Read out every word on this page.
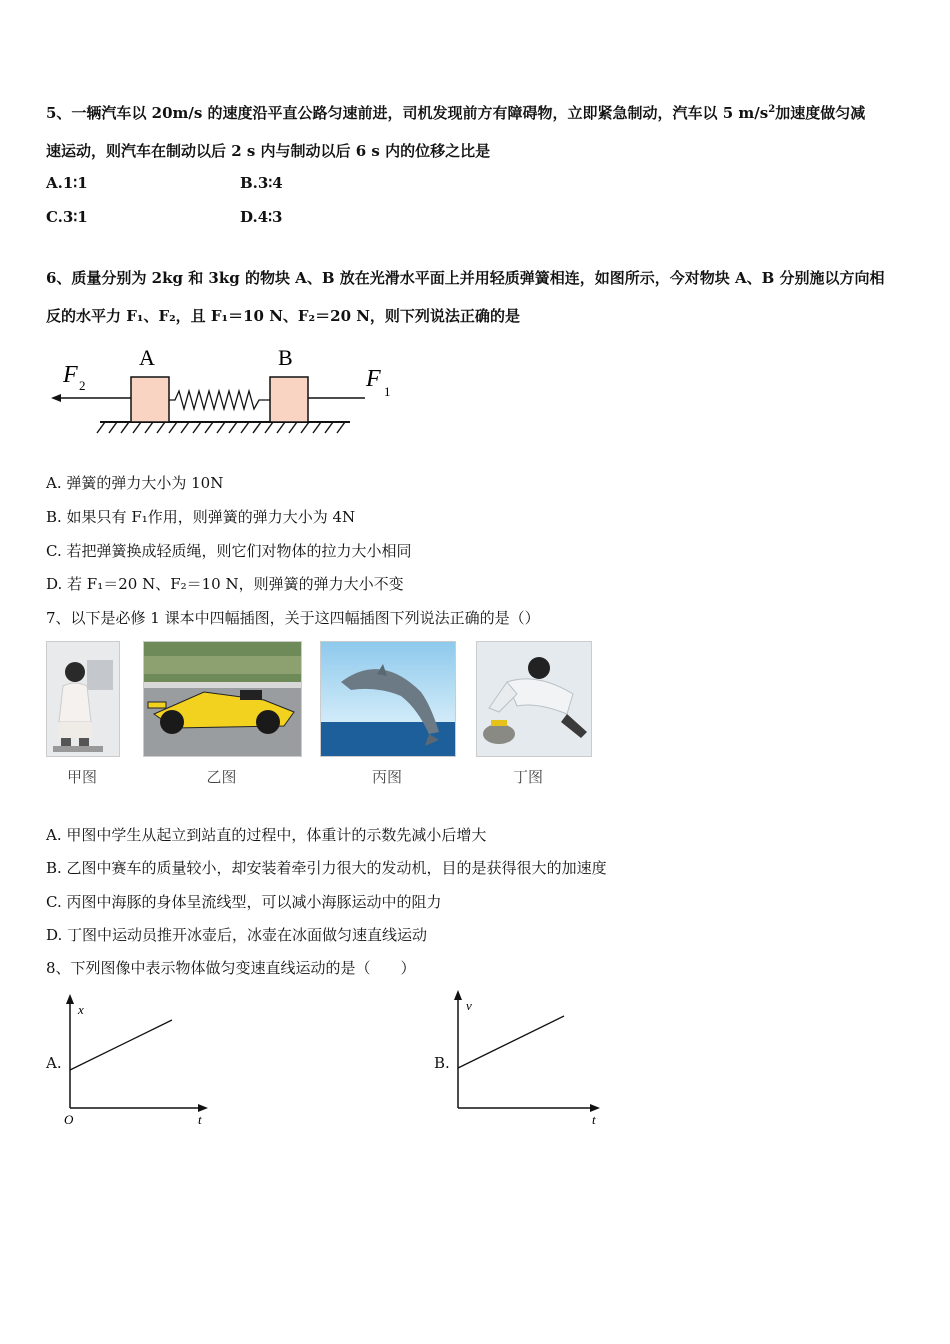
5、一辆汽车以 20m/s 的速度沿平直公路匀速前进，司机发现前方有障碍物，立即紧急制动，汽车以 5 $m/s^2$加速度做匀减
速运动，则汽车在制动以后 2 s 内与制动以后 6 s 内的位移之比是
A.1∶1	B.3∶4
C.3∶1	D.4∶3
6、质量分别为 2kg 和 3kg 的物块 A、B 放在光滑水平面上并用轻质弹簧相连，如图所示，今对物块 A、B 分别施以方向相
反的水平力 F₁、F₂，且 F₁＝10 N、F₂＝20 N，则下列说法正确的是
A	B
F 2	F 1
A. 弹簧的弹力大小为 10N
B. 如果只有 F₁作用，则弹簧的弹力大小为 4N
C. 若把弹簧换成轻质绳，则它们对物体的拉力大小相同
D. 若 F₁＝20 N、F₂＝10 N，则弹簧的弹力大小不变
7、以下是必修 1 课本中四幅插图，关于这四幅插图下列说法正确的是（）
甲图	乙图	丙图	丁图
A. 甲图中学生从起立到站直的过程中，体重计的示数先减小后增大
B. 乙图中赛车的质量较小，却安装着牵引力很大的发动机，目的是获得很大的加速度
C. 丙图中海豚的身体呈流线型，可以减小海豚运动中的阻力
D. 丁图中运动员推开冰壶后，冰壶在冰面做匀速直线运动
8、下列图像中表示物体做匀变速直线运动的是（　　）
A.
x
t
O
B.
v
t
